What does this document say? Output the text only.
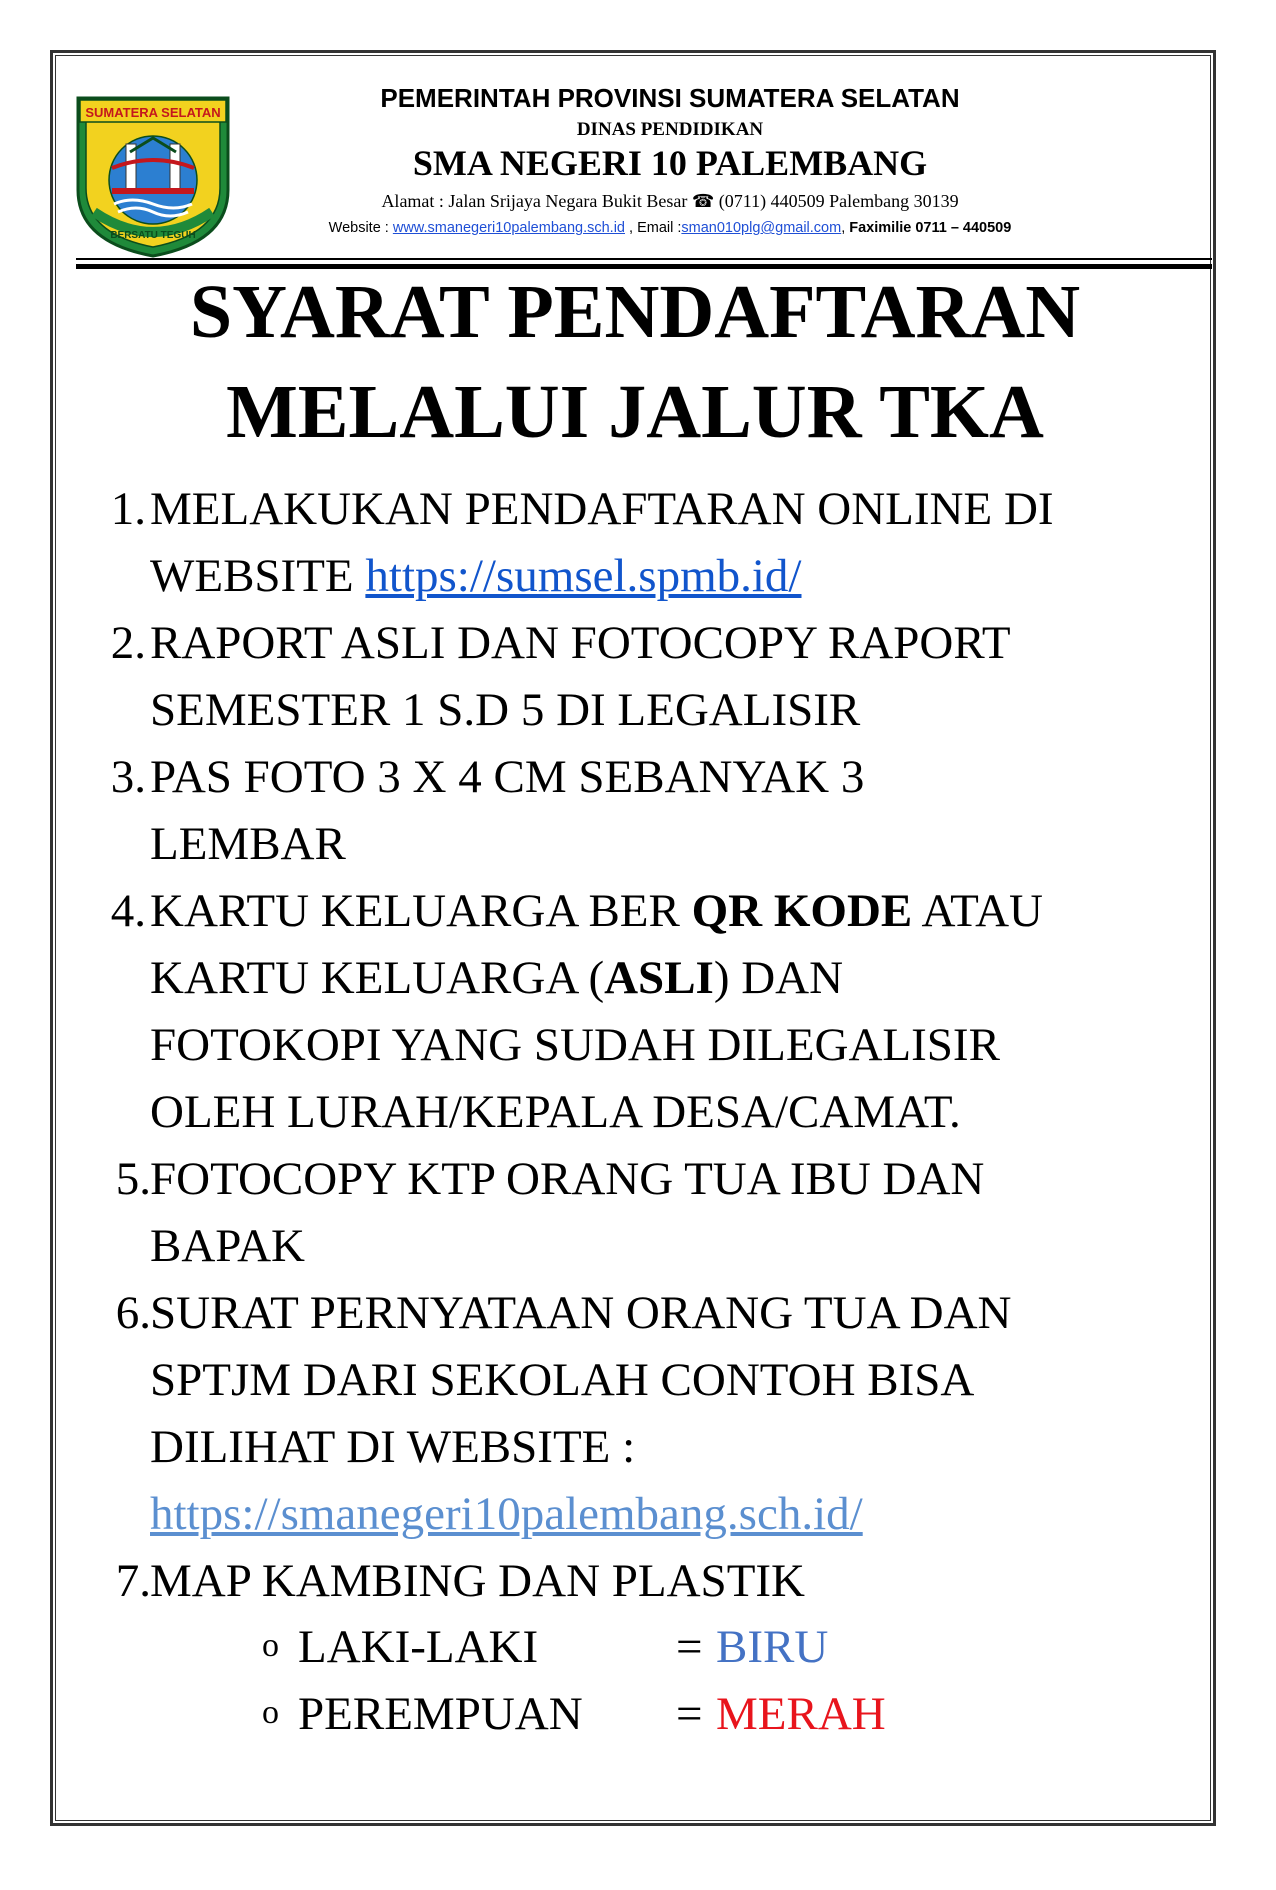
SUMATERA SELATAN
BERSATU TEGUH
PEMERINTAH PROVINSI SUMATERA SELATAN
DINAS PENDIDIKAN
SMA NEGERI 10 PALEMBANG
Alamat : Jalan Srijaya Negara Bukit Besar ☎ (0711) 440509 Palembang 30139
Website : www.smanegeri10palembang.sch.id , Email :sman010plg@gmail.com, Faximilie 0711 – 440509
SYARAT PENDAFTARAN
MELALUI JALUR TKA
1. MELAKUKAN PENDAFTARAN ONLINE DI
WEBSITE https://sumsel.spmb.id/
2. RAPORT ASLI DAN FOTOCOPY RAPORT
SEMESTER 1 S.D 5 DI LEGALISIR
3. PAS FOTO 3 X 4 CM SEBANYAK 3
LEMBAR
4. KARTU KELUARGA BER QR KODE ATAU
KARTU KELUARGA (ASLI) DAN
FOTOKOPI YANG SUDAH DILEGALISIR
OLEH LURAH/KEPALA DESA/CAMAT.
5. FOTOCOPY KTP ORANG TUA IBU DAN
BAPAK
6. SURAT PERNYATAAN ORANG TUA DAN
SPTJM DARI SEKOLAH CONTOH BISA
DILIHAT DI WEBSITE :
https://smanegeri10palembang.sch.id/
7. MAP KAMBING DAN PLASTIK
o LAKI-LAKI	= BIRU
o PEREMPUAN = MERAH
